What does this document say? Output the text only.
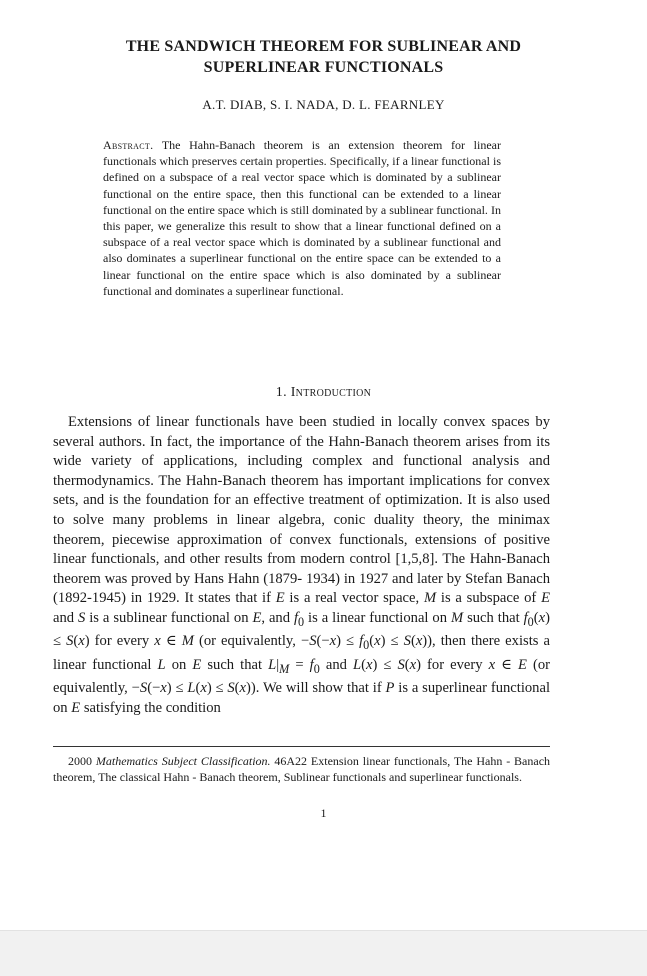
THE SANDWICH THEOREM FOR SUBLINEAR AND
SUPERLINEAR FUNCTIONALS
A.T. DIAB, S. I. NADA, D. L. FEARNLEY
Abstract. The Hahn-Banach theorem is an extension theorem for linear functionals which preserves certain properties. Specifically, if a linear functional is defined on a subspace of a real vector space which is dominated by a sublinear functional on the entire space, then this functional can be extended to a linear functional on the entire space which is still dominated by a sublinear functional. In this paper, we generalize this result to show that a linear functional defined on a subspace of a real vector space which is dominated by a sublinear functional and also dominates a superlinear functional on the entire space can be extended to a linear functional on the entire space which is also dominated by a sublinear functional and dominates a superlinear functional.
1. Introduction
Extensions of linear functionals have been studied in locally convex spaces by several authors. In fact, the importance of the Hahn-Banach theorem arises from its wide variety of applications, including complex and functional analysis and thermodynamics. The Hahn-Banach theorem has important implications for convex sets, and is the foundation for an effective treatment of optimization. It is also used to solve many problems in linear algebra, conic duality theory, the minimax theorem, piecewise approximation of convex functionals, extensions of positive linear functionals, and other results from modern control [1,5,8]. The Hahn-Banach theorem was proved by Hans Hahn (1879- 1934) in 1927 and later by Stefan Banach (1892-1945) in 1929. It states that if E is a real vector space, M is a subspace of E and S is a sublinear functional on E, and $f_0$ is a linear functional on M such that $f_0(x) \le S(x)$ for every x ∈ M (or equivalently, $-S(-x) \le f_0(x) \le S(x)$), then there exists a linear functional L on E such that $L|_M = f_0$ and L(x) ≤ S(x) for every x ∈ E (or equivalently, −S(−x) ≤ L(x) ≤ S(x)). We will show that if P is a superlinear functional on E satisfying the condition
2000 Mathematics Subject Classification. 46A22 Extension linear functionals, The Hahn - Banach theorem, The classical Hahn - Banach theorem, Sublinear functionals and superlinear functionals.
1
